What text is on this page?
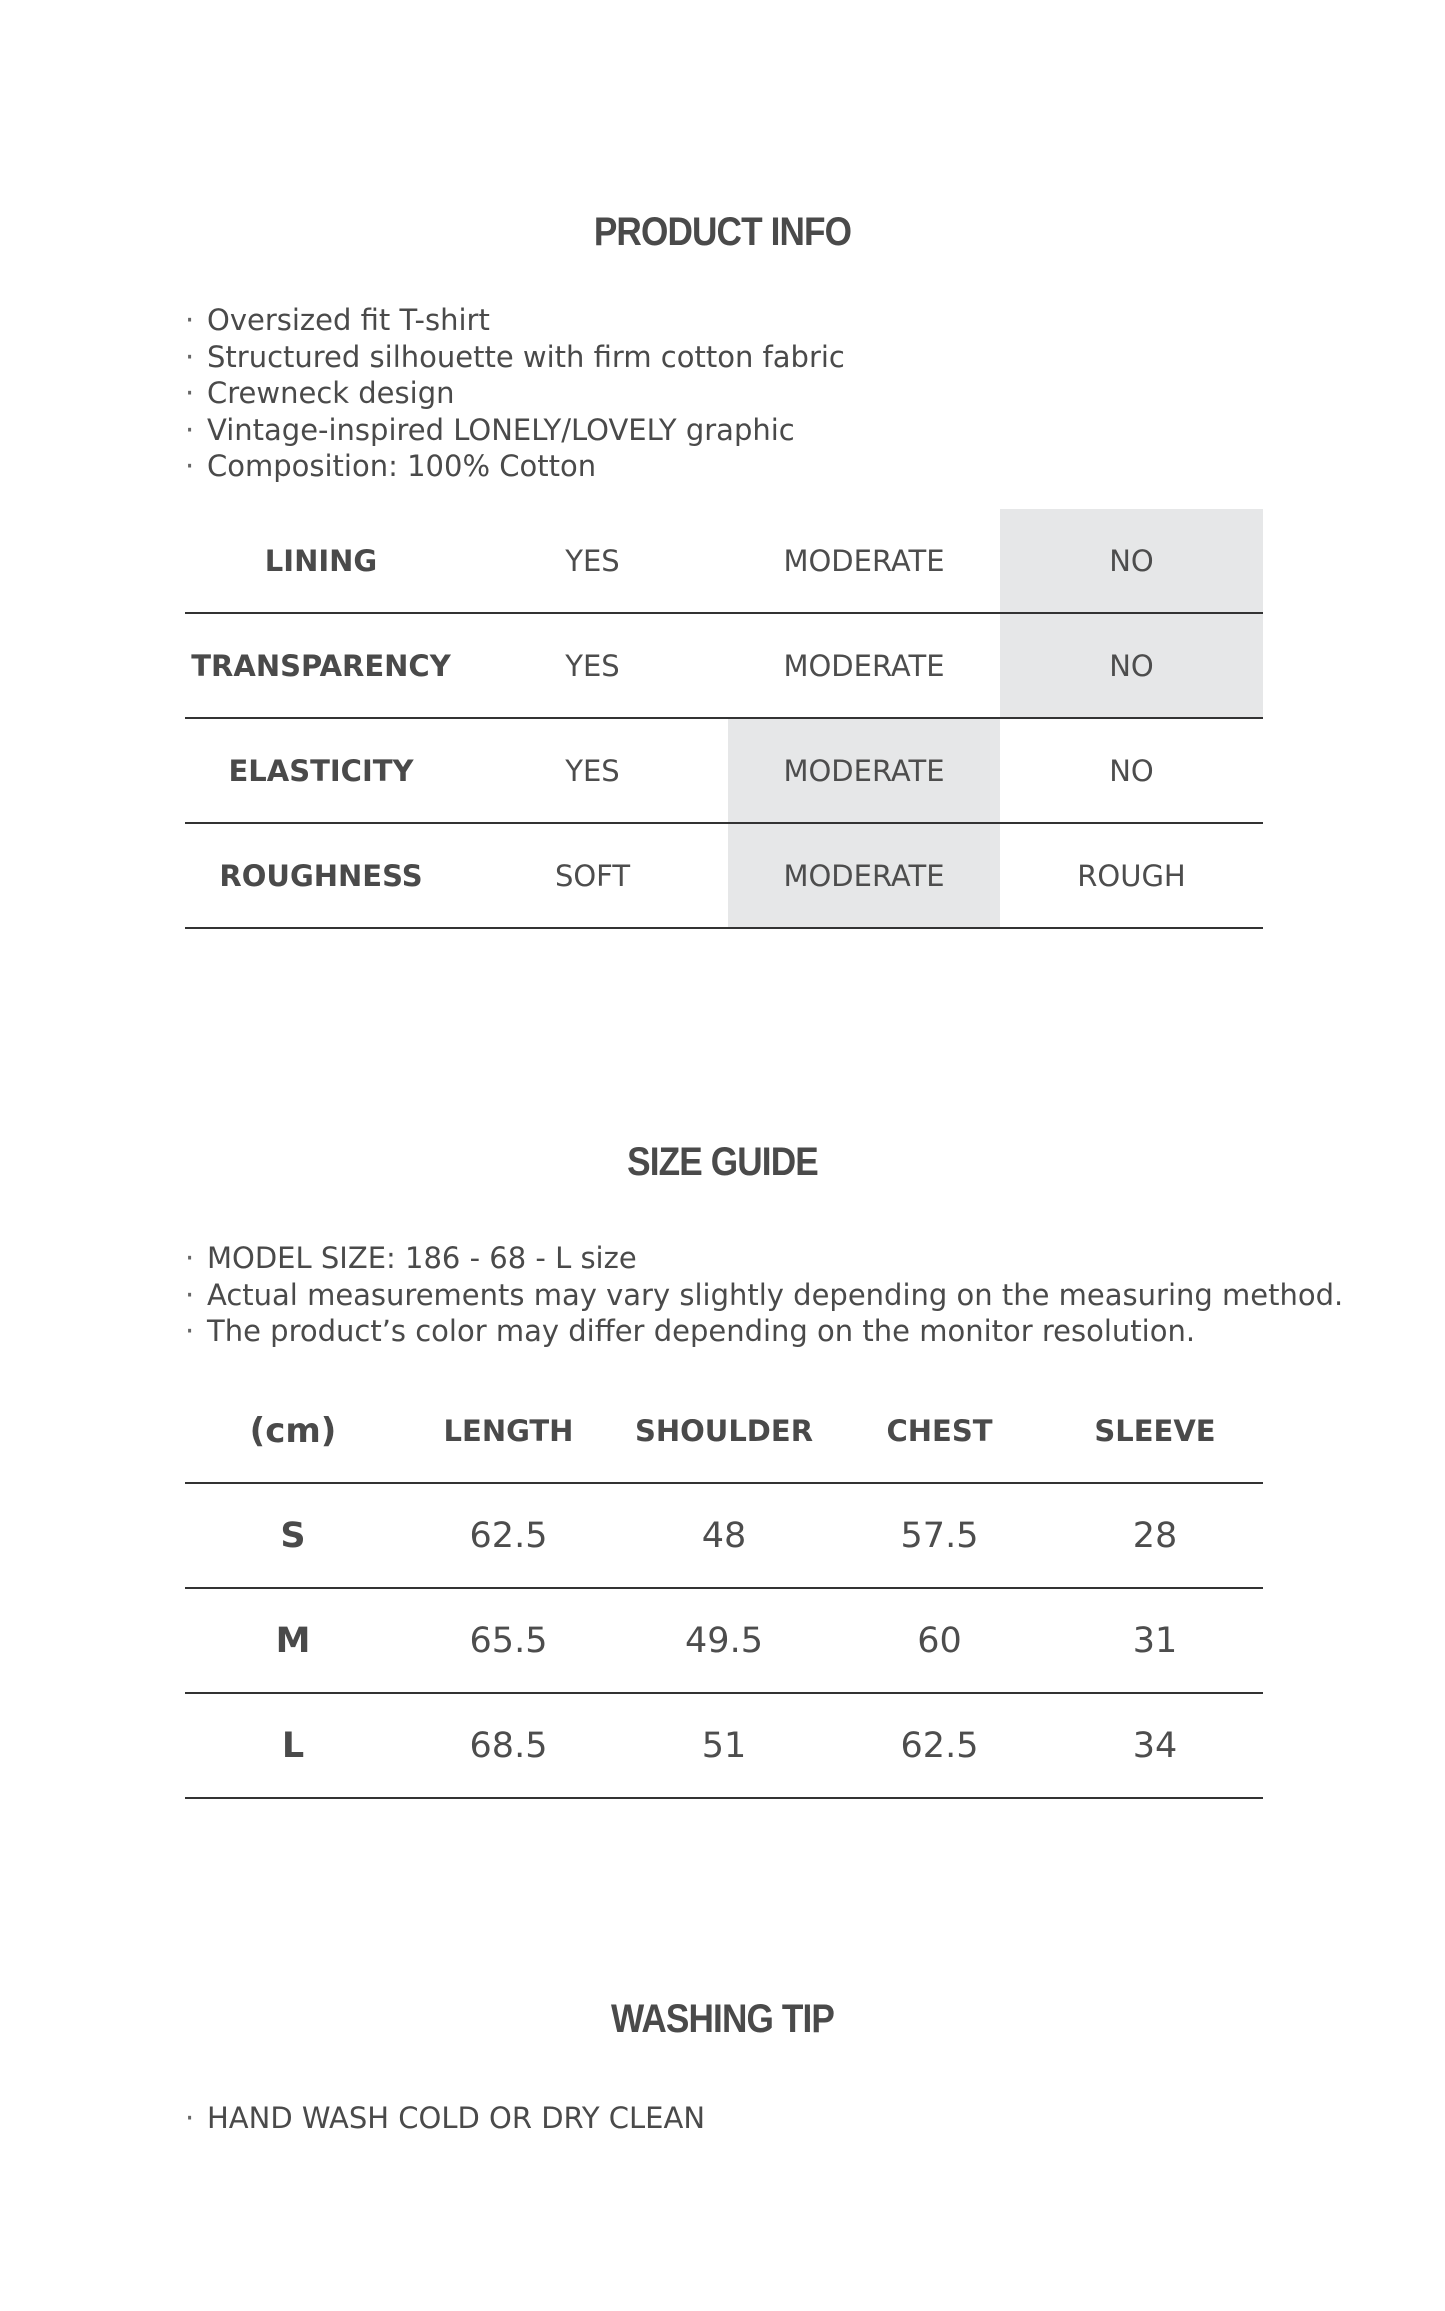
PRODUCT INFO
· Oversized fit T-shirt
· Structured silhouette with firm cotton fabric
· Crewneck design
· Vintage-inspired LONELY/LOVELY graphic
· Composition: 100% Cotton
LINING	YES	MODERATE	NO
TRANSPARENCY	YES	MODERATE	NO
ELASTICITY	YES	MODERATE	NO
ROUGHNESS	SOFT	MODERATE	ROUGH
SIZE GUIDE
· MODEL SIZE: 186 - 68 - L size
· Actual measurements may vary slightly depending on the measuring method.
· The product’s color may differ depending on the monitor resolution.
(cm)	LENGTH	SHOULDER	CHEST	SLEEVE
S	62.5	48	57.5	28
M	65.5	49.5	60	31
L	68.5	51	62.5	34
WASHING TIP
· HAND WASH COLD OR DRY CLEAN
